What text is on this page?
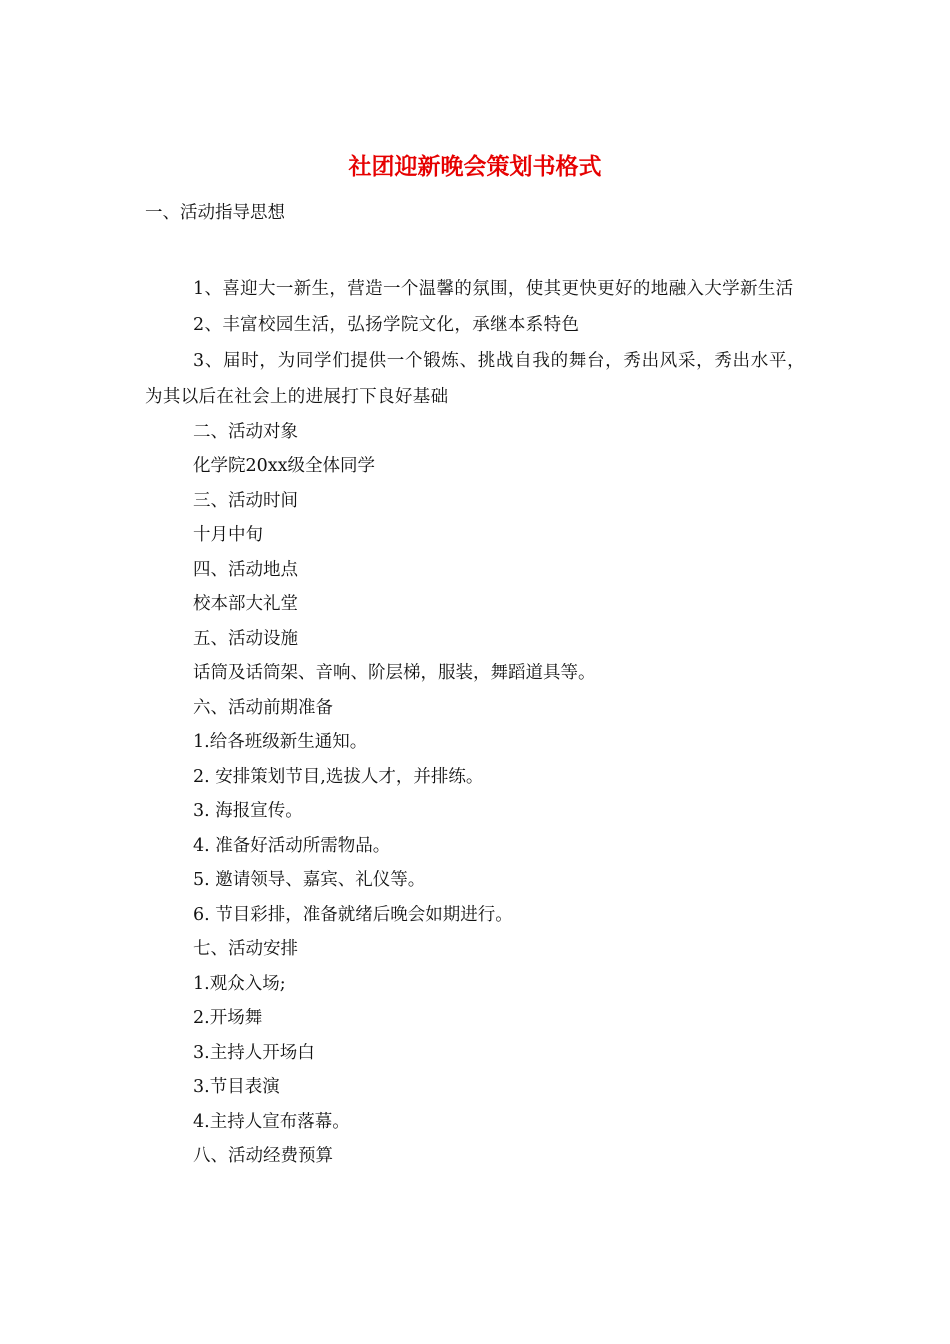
社团迎新晚会策划书格式
一、活动指导思想
1、喜迎大一新生，营造一个温馨的氛围，使其更快更好的地融入大学新生活
2、丰富校园生活，弘扬学院文化，承继本系特色
3、届时，为同学们提供一个锻炼、挑战自我的舞台，秀出风采，秀出水平，为其以后在社会上的进展打下良好基础
二、活动对象
化学院20xx级全体同学
三、活动时间
十月中旬
四、活动地点
校本部大礼堂
五、活动设施
话筒及话筒架、音响、阶层梯，服装，舞蹈道具等。
六、活动前期准备
1.给各班级新生通知。
2. 安排策划节目,选拔人才，并排练。
3. 海报宣传。
4. 准备好活动所需物品。
5. 邀请领导、嘉宾、礼仪等。
6. 节目彩排，准备就绪后晚会如期进行。
七、活动安排
1.观众入场;
2.开场舞
3.主持人开场白
3.节目表演
4.主持人宣布落幕。
八、活动经费预算
